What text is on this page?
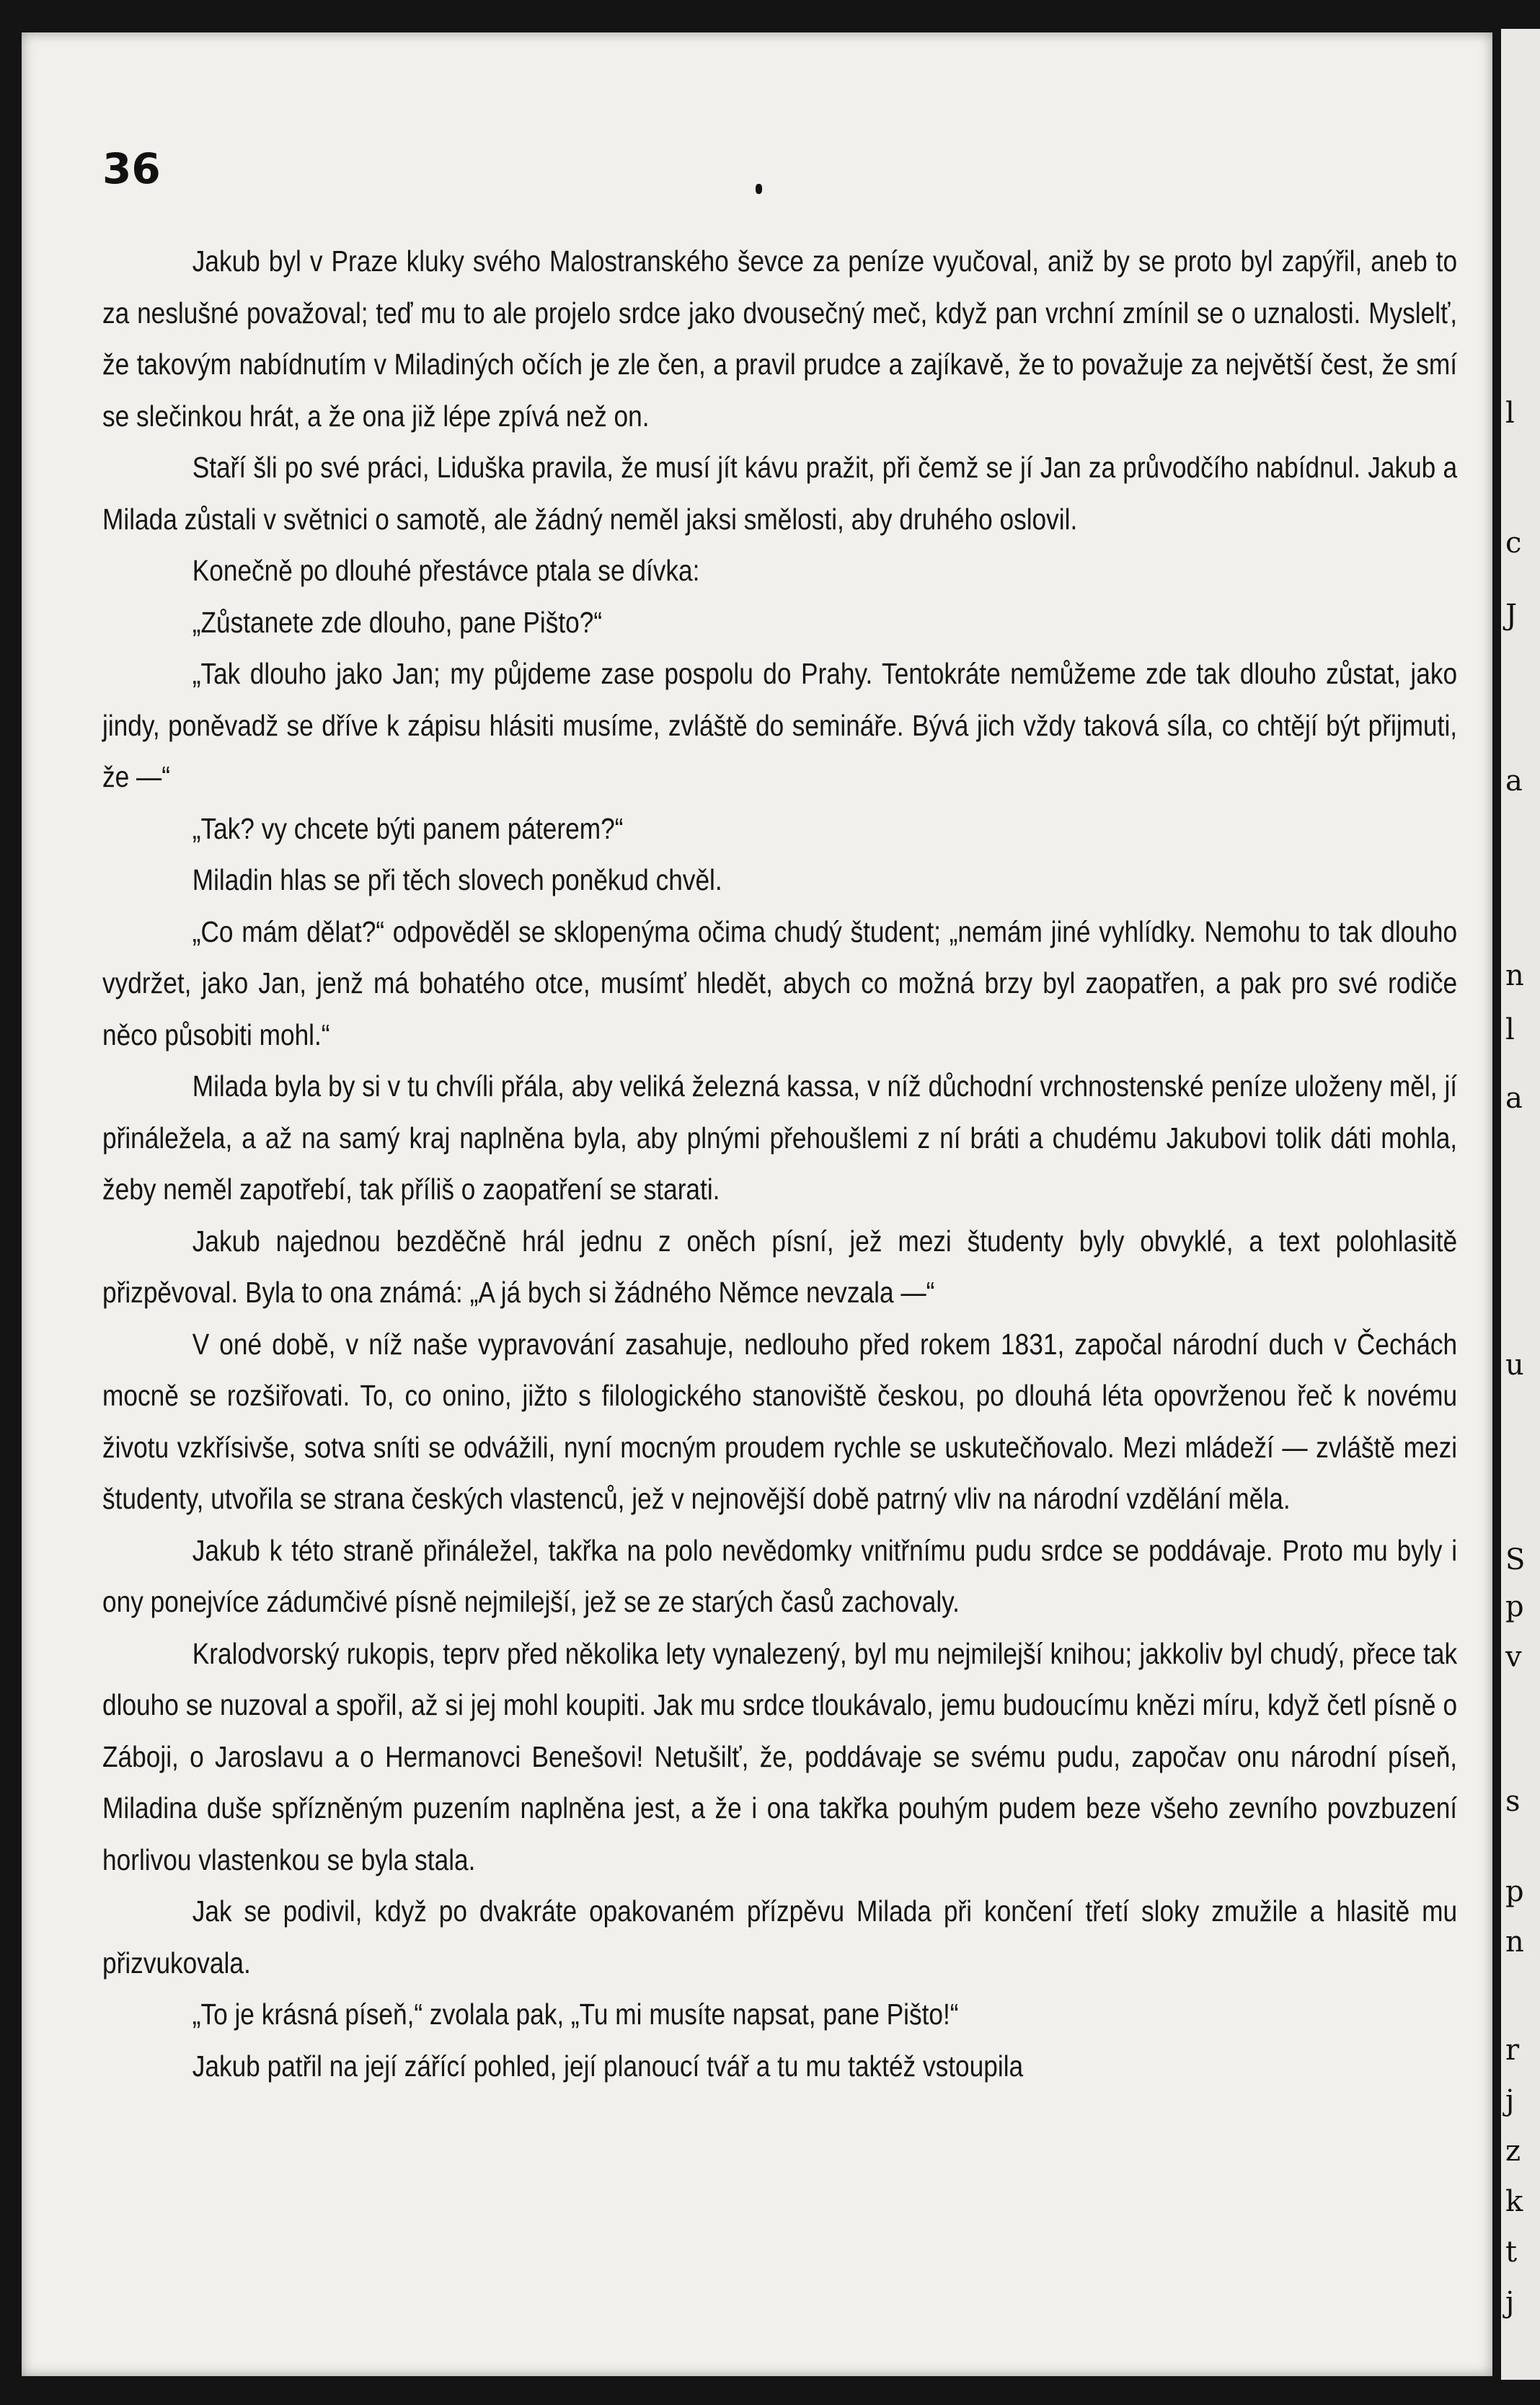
36

Jakub byl v Praze kluky svého Malostranského ševce za peníze vyučoval, aniž by se proto byl zapýřil, aneb to za neslušné považoval; teď mu to ale projelo srdce jako dvousečný meč, když pan vrchní zmínil se o uznalosti. Myslelť, že takovým nabídnutím v Miladiných očích je zle čen, a pravil prudce a zajíkavě, že to považuje za největší čest, že smí se slečinkou hrát, a že ona již lépe zpívá než on.

Staří šli po své práci, Liduška pravila, že musí jít kávu pražit, při čemž se jí Jan za průvodčího nabídnul. Jakub a Milada zůstali v světnici o samotě, ale žádný neměl jaksi smělosti, aby druhého oslovil.

Konečně po dlouhé přestávce ptala se dívka:

„Zůstanete zde dlouho, pane Pišto?“

„Tak dlouho jako Jan; my půjdeme zase pospolu do Prahy. Tentokráte nemůžeme zde tak dlouho zůstat, jako jindy, poněvadž se dříve k zápisu hlásiti musíme, zvláště do semináře. Bývá jich vždy taková síla, co chtějí být přijmuti, že —“

„Tak? vy chcete býti panem páterem?“

Miladin hlas se při těch slovech poněkud chvěl.

„Co mám dělat?“ odpověděl se sklopenýma očima chudý študent; „nemám jiné vyhlídky. Nemohu to tak dlouho vydržet, jako Jan, jenž má bohatého otce, musímť hledět, abych co možná brzy byl zaopatřen, a pak pro své rodiče něco působiti mohl.“

Milada byla by si v tu chvíli přála, aby veliká železná kassa, v níž důchodní vrchnostenské peníze uloženy měl, jí přináležela, a až na samý kraj naplněna byla, aby plnými přehoušlemi z ní bráti a chudému Jakubovi tolik dáti mohla, žeby neměl zapotřebí, tak příliš o zaopatření se starati.

Jakub najednou bezděčně hrál jednu z oněch písní, jež mezi študenty byly obvyklé, a text polohlasitě přizpěvoval. Byla to ona známá: „A já bych si žádného Němce nevzala —“

V oné době, v níž naše vypravování zasahuje, nedlouho před rokem 1831, započal národní duch v Čechách mocně se rozšiřovati. To, co onino, jižto s filologického stanoviště českou, po dlouhá léta opovrženou řeč k novému životu vzkřísivše, sotva sníti se odvážili, nyní mocným proudem rychle se uskutečňovalo. Mezi mládeží — zvláště mezi študenty, utvořila se strana českých vlastenců, jež v nejnovější době patrný vliv na národní vzdělání měla.

Jakub k této straně přináležel, takřka na polo nevědomky vnitřnímu pudu srdce se poddávaje. Proto mu byly i ony ponejvíce zádumčivé písně nejmilejší, jež se ze starých časů zachovaly.

Kralodvorský rukopis, teprv před několika lety vynalezený, byl mu nejmilejší knihou; jakkoliv byl chudý, přece tak dlouho se nuzoval a spořil, až si jej mohl koupiti. Jak mu srdce tloukávalo, jemu budoucímu knězi míru, když četl písně o Záboji, o Jaroslavu a o Hermanovci Benešovi! Netušilť, že, poddávaje se svému pudu, započav onu národní píseň, Miladina duše spřízněným puzením naplněna jest, a že i ona takřka pouhým pudem beze všeho zevního povzbuzení horlivou vlastenkou se byla stala.

Jak se podivil, když po dvakráte opakovaném přízpěvu Milada při končení třetí sloky zmužile a hlasitě mu přizvukovala.

„To je krásná píseň,“ zvolala pak, „Tu mi musíte napsat, pane Pišto!“

Jakub patřil na její zářící pohled, její planoucí tvář a tu mu taktéž vstoupila

l
c
J
a
n
l
a
u
S
p
v
s
p
n
r
j
z
k
t
j
